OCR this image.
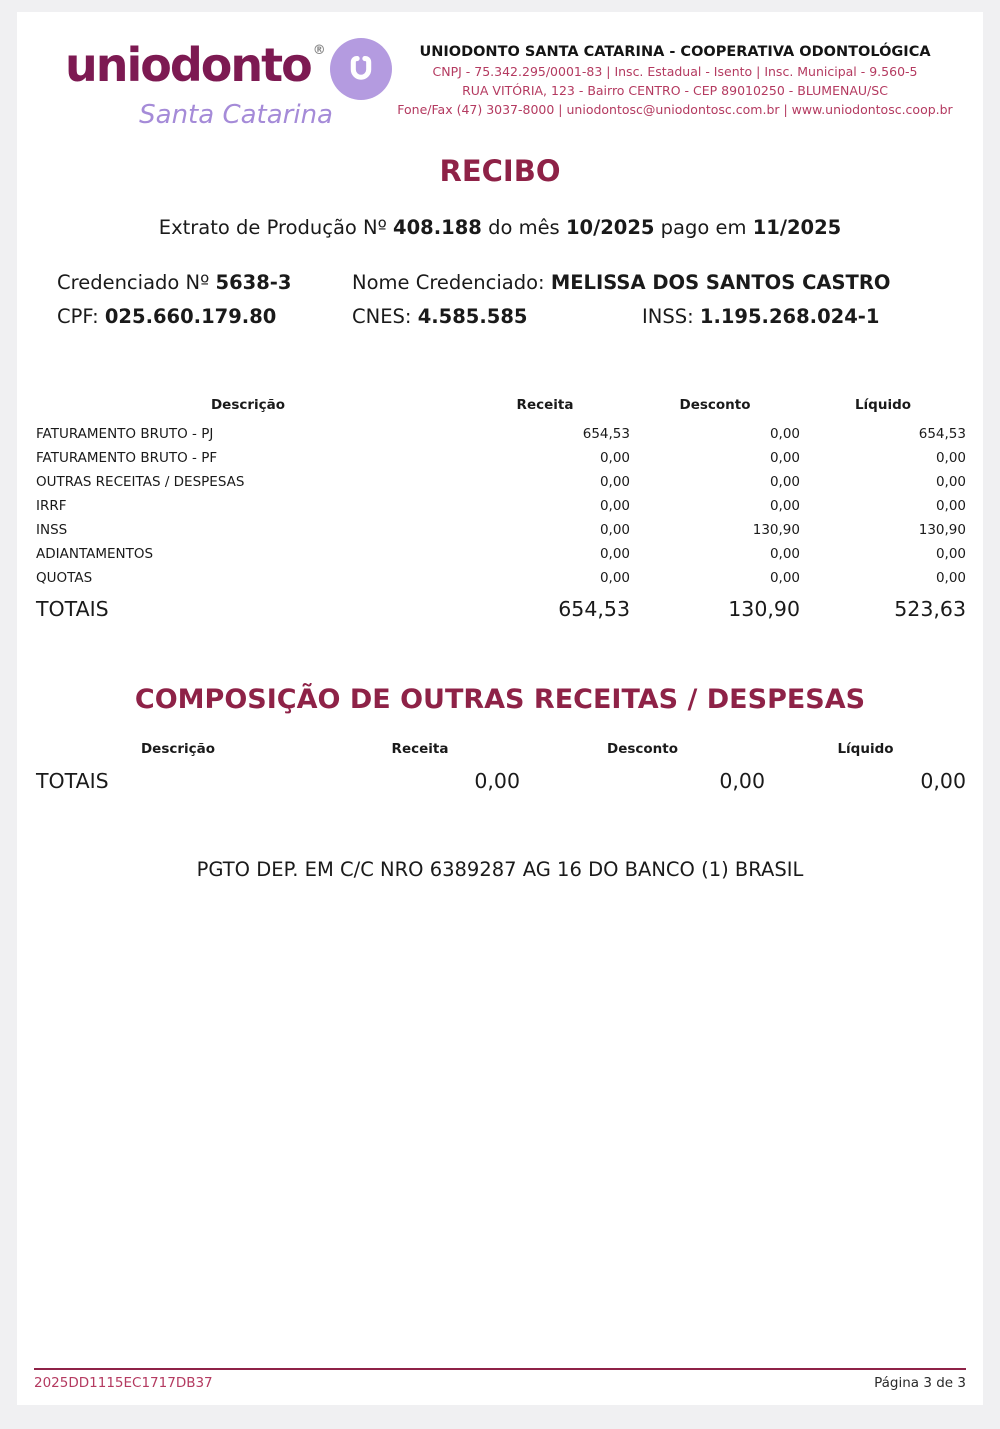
uniodonto ®
Santa Catarina
UNIODONTO SANTA CATARINA - COOPERATIVA ODONTOLÓGICA
CNPJ - 75.342.295/0001-83 | Insc. Estadual - Isento | Insc. Municipal - 9.560-5
RUA VITÓRIA, 123 - Bairro CENTRO - CEP 89010250 - BLUMENAU/SC
Fone/Fax (47) 3037-8000 | uniodontosc@uniodontosc.com.br | www.uniodontosc.coop.br
RECIBO
Extrato de Produção Nº 408.188 do mês 10/2025 pago em 11/2025
Credenciado Nº 5638-3	Nome Credenciado: MELISSA DOS SANTOS CASTRO
CPF: 025.660.179.80	CNES: 4.585.585	INSS: 1.195.268.024-1
Descrição	Receita	Desconto	Líquido
FATURAMENTO BRUTO - PJ	654,53	0,00	654,53
FATURAMENTO BRUTO - PF	0,00	0,00	0,00
OUTRAS RECEITAS / DESPESAS	0,00	0,00	0,00
IRRF	0,00	0,00	0,00
INSS	0,00	130,90	130,90
ADIANTAMENTOS	0,00	0,00	0,00
QUOTAS	0,00	0,00	0,00
TOTAIS	654,53	130,90	523,63
COMPOSIÇÃO DE OUTRAS RECEITAS / DESPESAS
Descrição	Receita	Desconto	Líquido
TOTAIS	0,00	0,00	0,00
PGTO DEP. EM C/C NRO 6389287 AG 16 DO BANCO (1) BRASIL
2025DD1115EC1717DB37	Página 3 de 3
